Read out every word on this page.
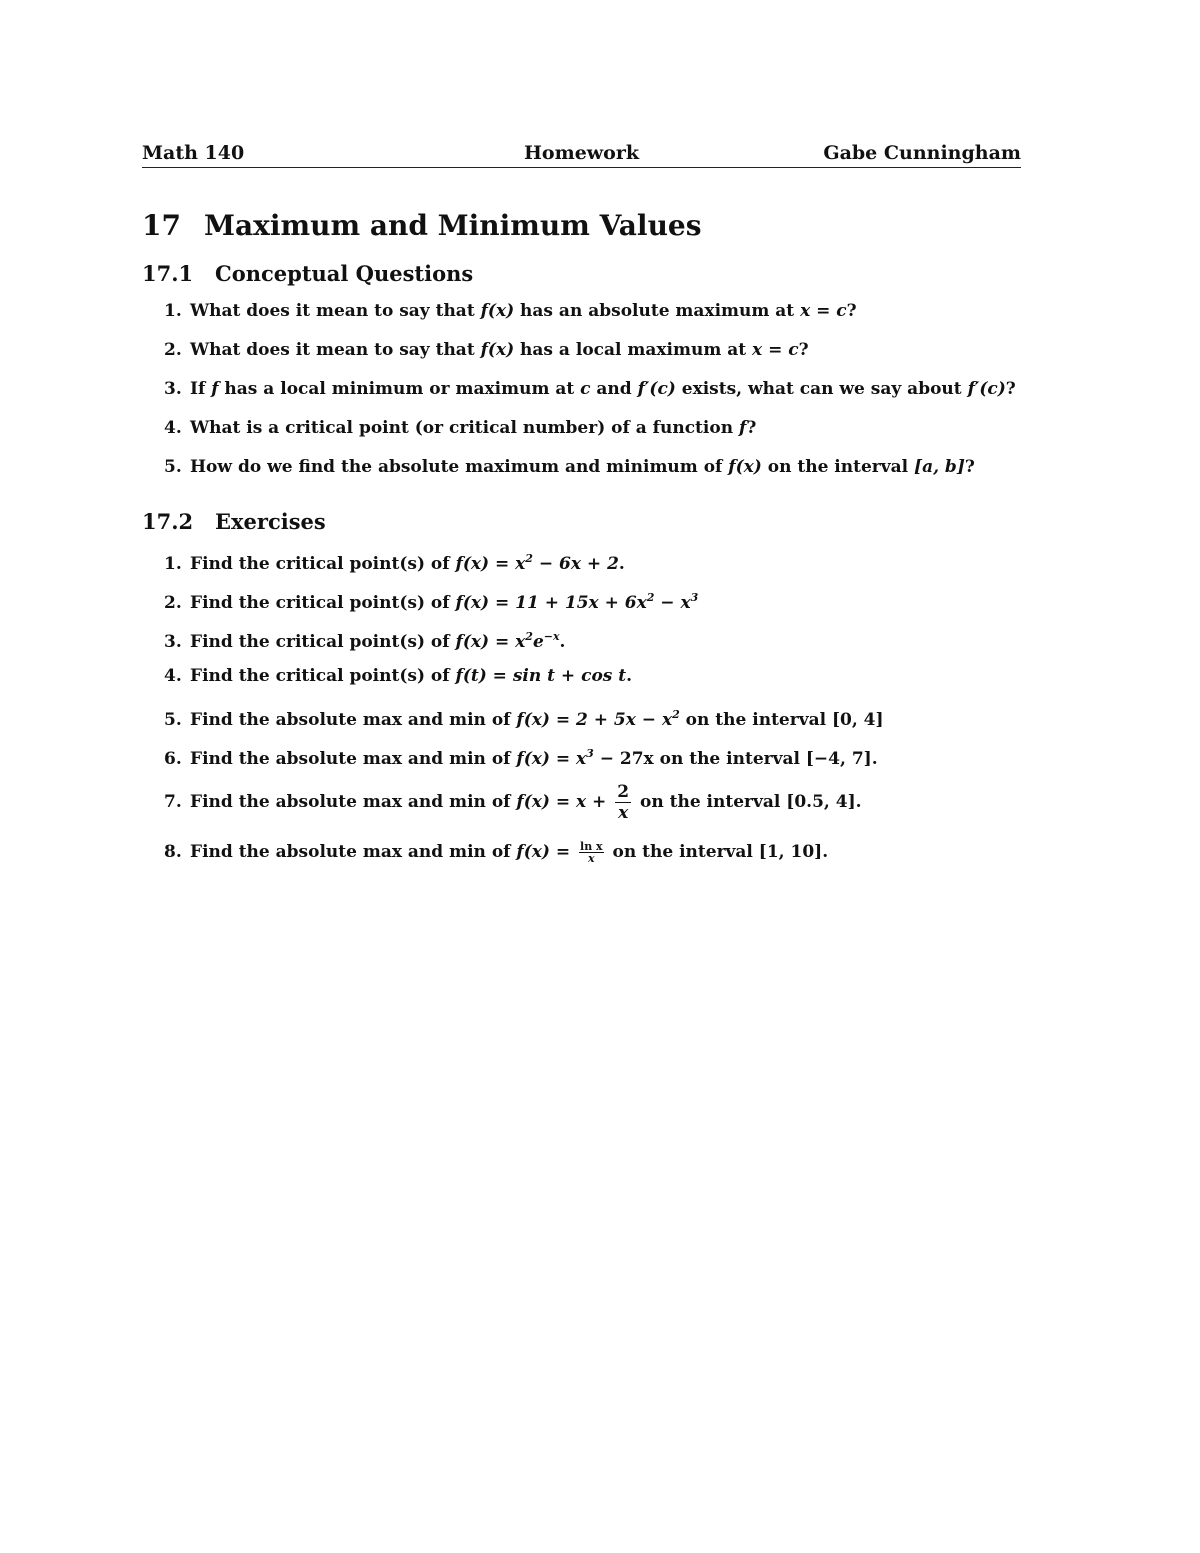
Math 140	Homework	Gabe Cunningham
17 Maximum and Minimum Values
17.1 Conceptual Questions
1. What does it mean to say that f(x) has an absolute maximum at x = c?
2. What does it mean to say that f(x) has a local maximum at x = c?
3. If f has a local minimum or maximum at c and f′(c) exists, what can we say about f′(c)?
4. What is a critical point (or critical number) of a function f?
5. How do we find the absolute maximum and minimum of f(x) on the interval [a, b]?
17.2 Exercises
1. Find the critical point(s) of $f(x) = x^2 - 6x + 2$.
2. Find the critical point(s) of $f(x) = 11 + 15x + 6x^2 - x^3$
3. Find the critical point(s) of $f(x) = x^2e^{-x}$.
4. Find the critical point(s) of f(t) = sin t + cos t.
5. Find the absolute max and min of $f(x) = 2 + 5x - x^2$ on the interval [0, 4]
6. Find the absolute max and min of $f(x) = x^3 - 27x$ on the interval [−4, 7].
7. Find the absolute max and min of $f(x) = x + \frac{2}{x}$ on the interval [0.5, 4].
8. Find the absolute max and min of $f(x) = \frac{\text{ln x}}{x}$ on the interval [1, 10].
